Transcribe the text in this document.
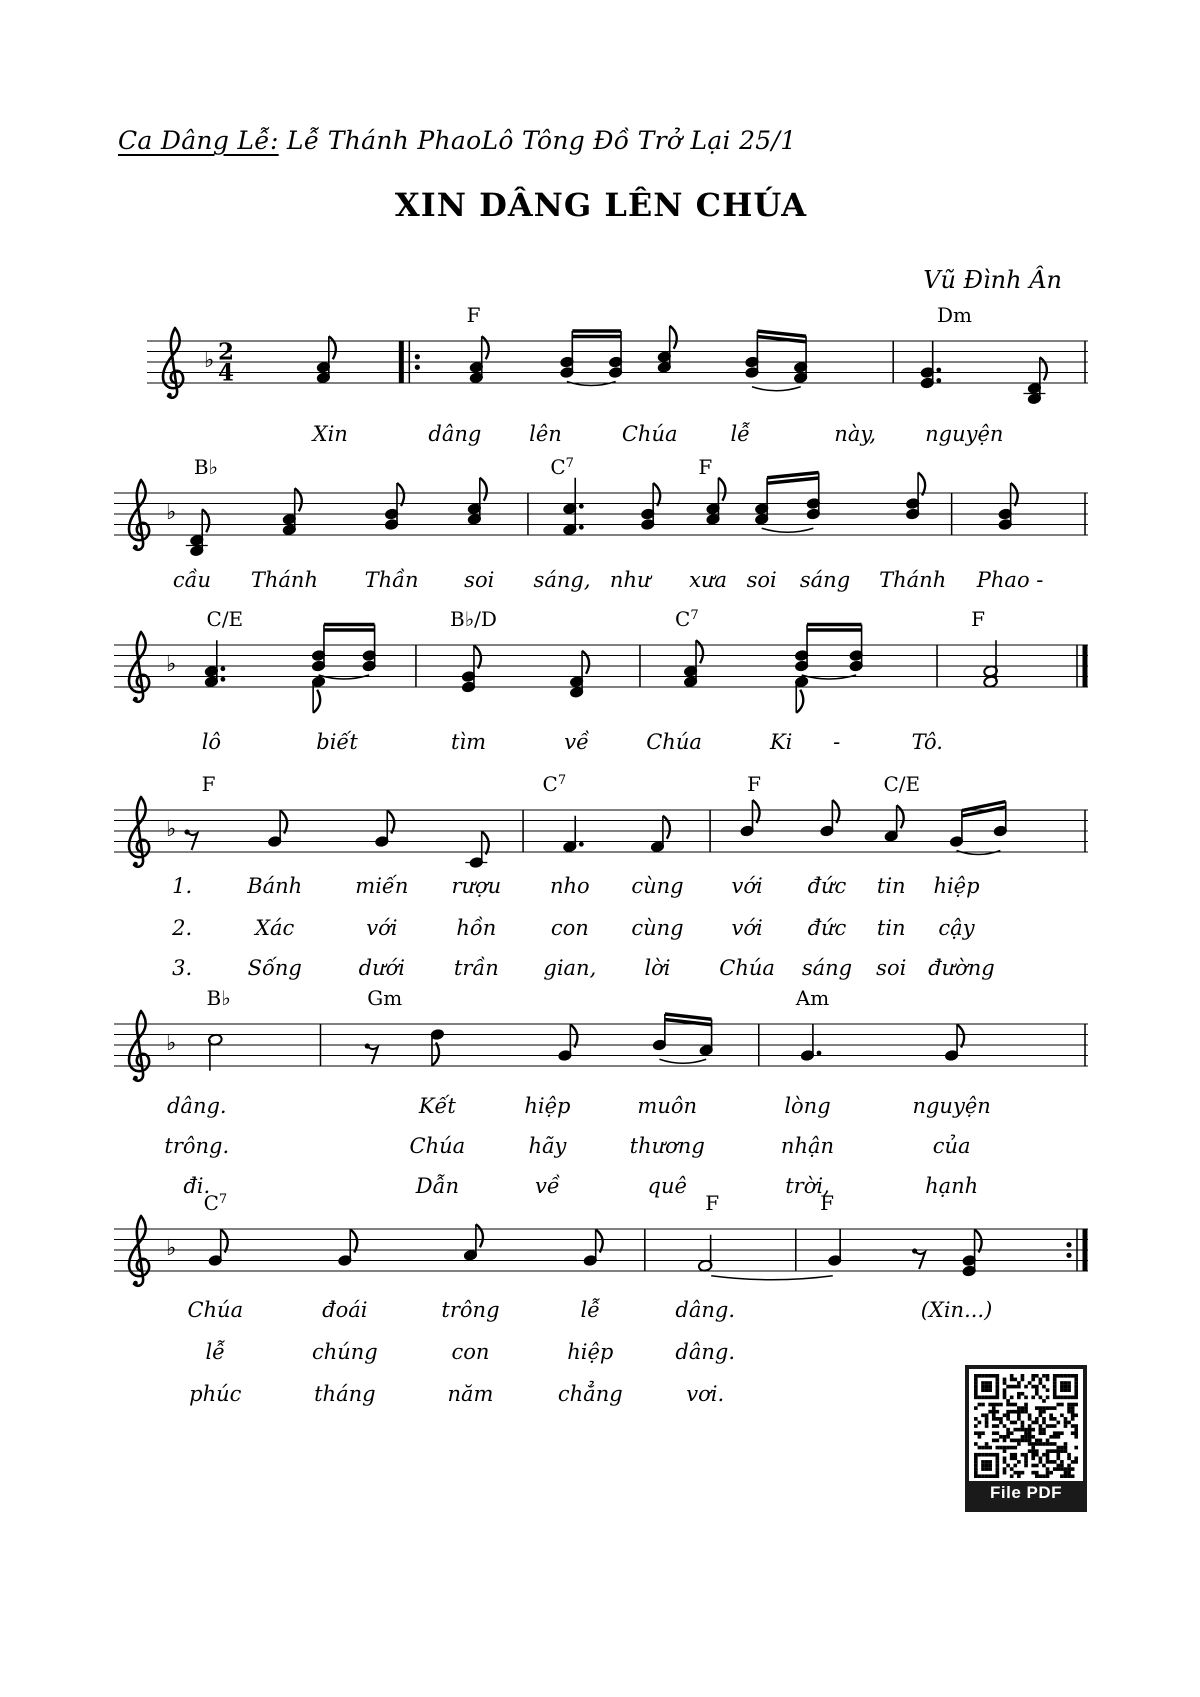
Ca Dâng Lễ: Lễ Thánh PhaoLô Tông Đồ Trở Lại 25/1
XIN DÂNG LÊN CHÚA
Vũ Đình Ân
♭ 2
4
F	Dm
Xin	dâng lên	Chúa	lễ	này, nguyện
♭
B♭	$C^7$	F
cầu Thánh Thần soi sáng, như xưa soi sáng Thánh Phao -
♭
C/E	B♭/D	$C^7$	F
lô	biết	tìm	về	Chúa	Ki -	Tô.
♭
F	$C^7$	F	C/E
1.	Bánh	miến rượu nho cùng với đức tin hiệp
2.	Xác	với	hồn	con cùng với đức tin cậy
3.	Sống	dưới trần gian, lời Chúa sáng soi đường
♭
B♭	Gm	Am
dâng.	Kết	hiệp	muôn	lòng	nguyện
trông.	Chúa	hãy	thương	nhận	của
đi.	Dẫn	về	quê	trời,	hạnh
♭
$C^7$	F	F
Chúa	đoái	trông	lễ	dâng.	(Xin...)
lễ	chúng	con	hiệp	dâng.
phúc	tháng	năm	chẳng	vơi.
File PDF
